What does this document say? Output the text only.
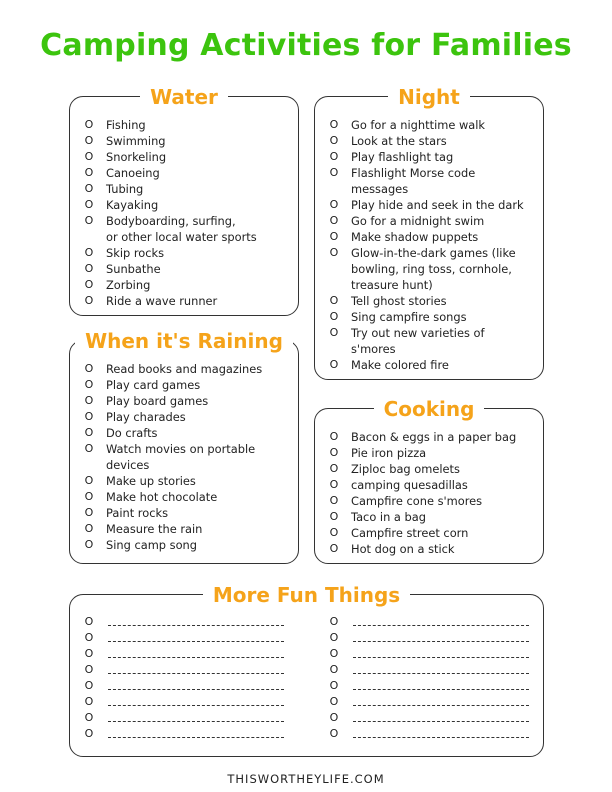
Camping Activities for Families
Water
O Fishing
O Swimming
O Snorkeling
O Canoeing
O Tubing
O Kayaking
O Bodyboarding, surfing,
or other local water sports
O Skip rocks
O Sunbathe
O Zorbing
O Ride a wave runner
Night
O Go for a nighttime walk
O Look at the stars
O Play flashlight tag
O Flashlight Morse code
messages
O Play hide and seek in the dark
O Go for a midnight swim
O Make shadow puppets
O Glow-in-the-dark games (like
bowling, ring toss, cornhole,
treasure hunt)
O Tell ghost stories
O Sing campfire songs
O Try out new varieties of
s'mores
O Make colored fire
When it's Raining
O Read books and magazines
O Play card games
O Play board games
O Play charades
O Do crafts
O Watch movies on portable
devices
O Make up stories
O Make hot chocolate
O Paint rocks
O Measure the rain
O Sing camp song
Cooking
O Bacon & eggs in a paper bag
O Pie iron pizza
O Ziploc bag omelets
O camping quesadillas
O Campfire cone s'mores
O Taco in a bag
O Campfire street corn
O Hot dog on a stick
More Fun Things
O
O
O
O
O
O
O
O
O
O
O
O
O
O
O
O
THISWORTHEYLIFE.COM
